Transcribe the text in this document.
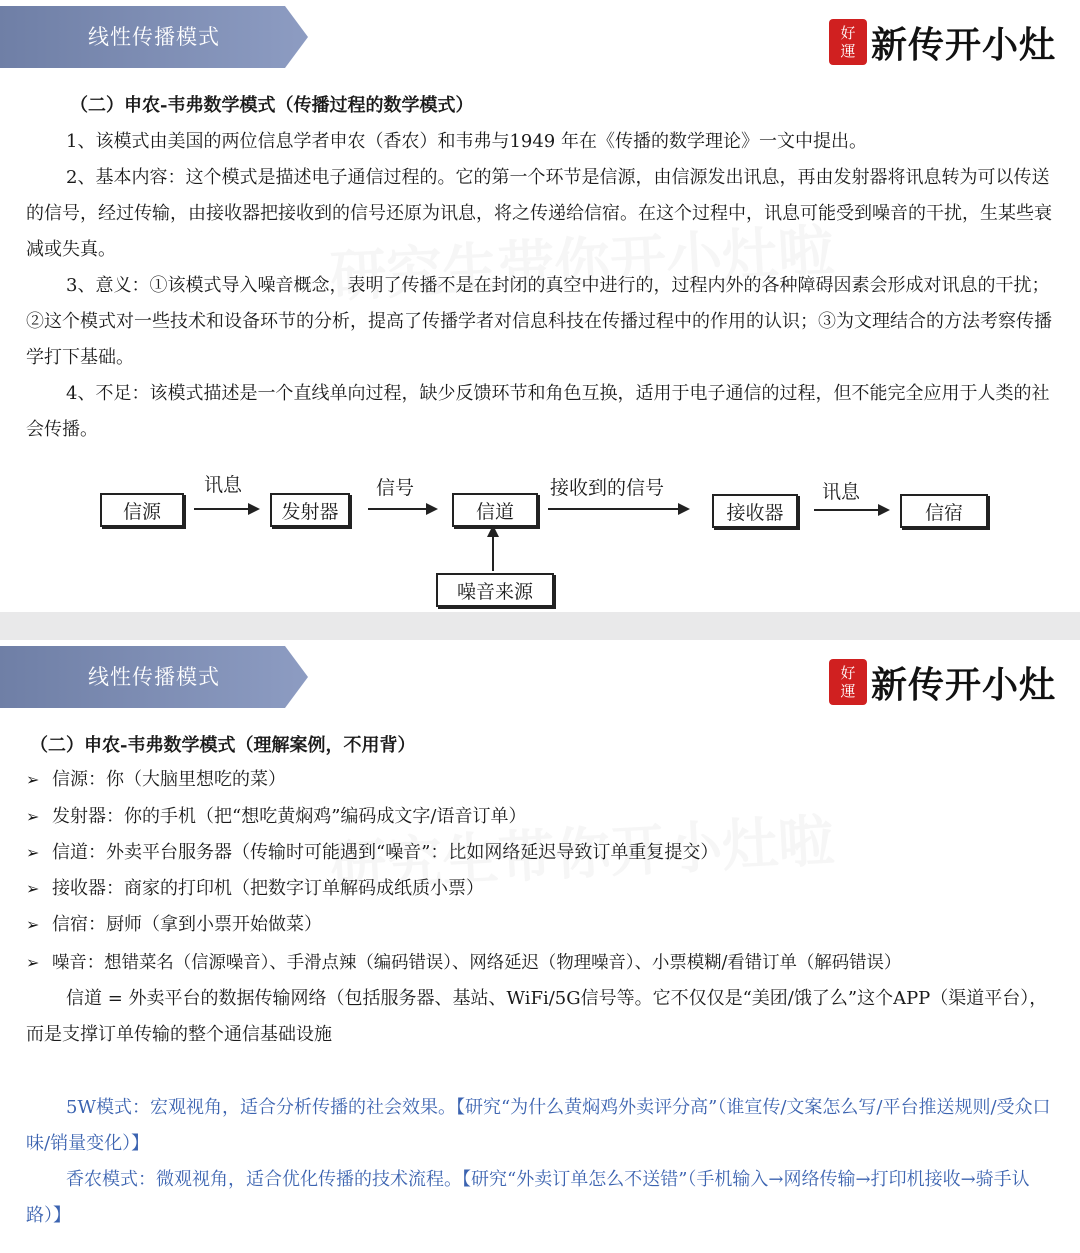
线性传播模式	好
運 新传开小灶
（二）申农-韦弗数学模式（传播过程的数学模式）
1、该模式由美国的两位信息学者申农（香农）和韦弗与1949 年在《传播的数学理论》一文中提出。
2、基本内容：这个模式是描述电子通信过程的。它的第一个环节是信源，由信源发出讯息，再由发射器将讯息转为可以传送的信号，经过传输，由接收器把接收到的信号还原为讯息，将之传递给信宿。在这个过程中，讯息可能受到噪音的干扰，生某些衰减或失真。
3、意义：①该模式导入噪音概念，表明了传播不是在封闭的真空中进行的，过程内外的各种障碍因素会形成对讯息的干扰；②这个模式对一些技术和设备环节的分析，提高了传播学者对信息科技在传播过程中的作用的认识；③为文理结合的方法考察传播学打下基础。
4、不足：该模式描述是一个直线单向过程，缺少反馈环节和角色互换，适用于电子通信的过程，但不能完全应用于人类的社会传播。
信源	发射器	信道	接收器	信宿
噪音来源
讯息	信号	接收到的信号	讯息
线性传播模式	好
運 新传开小灶
（二）申农-韦弗数学模式（理解案例，不用背）
➢ 信源：你（大脑里想吃的菜）
➢ 发射器：你的手机（把“想吃黄焖鸡”编码成文字/语音订单）
➢ 信道：外卖平台服务器（传输时可能遇到“噪音”：比如网络延迟导致订单重复提交）
➢ 接收器：商家的打印机（把数字订单解码成纸质小票）
➢ 信宿：厨师（拿到小票开始做菜）
➢ 噪音：想错菜名（信源噪音）、手滑点辣（编码错误）、网络延迟（物理噪音）、小票模糊/看错订单（解码错误）
信道 = 外卖平台的数据传输网络（包括服务器、基站、WiFi/5G信号等。它不仅仅是“美团/饿了么”这个APP（渠道平台），而是支撑订单传输的整个通信基础设施
5W模式：宏观视角，适合分析传播的社会效果。【研究“为什么黄焖鸡外卖评分高”（谁宣传/文案怎么写/平台推送规则/受众口味/销量变化）】
香农模式：微观视角，适合优化传播的技术流程。【研究“外卖订单怎么不送错”（手机输入→网络传输→打印机接收→骑手认路）】
